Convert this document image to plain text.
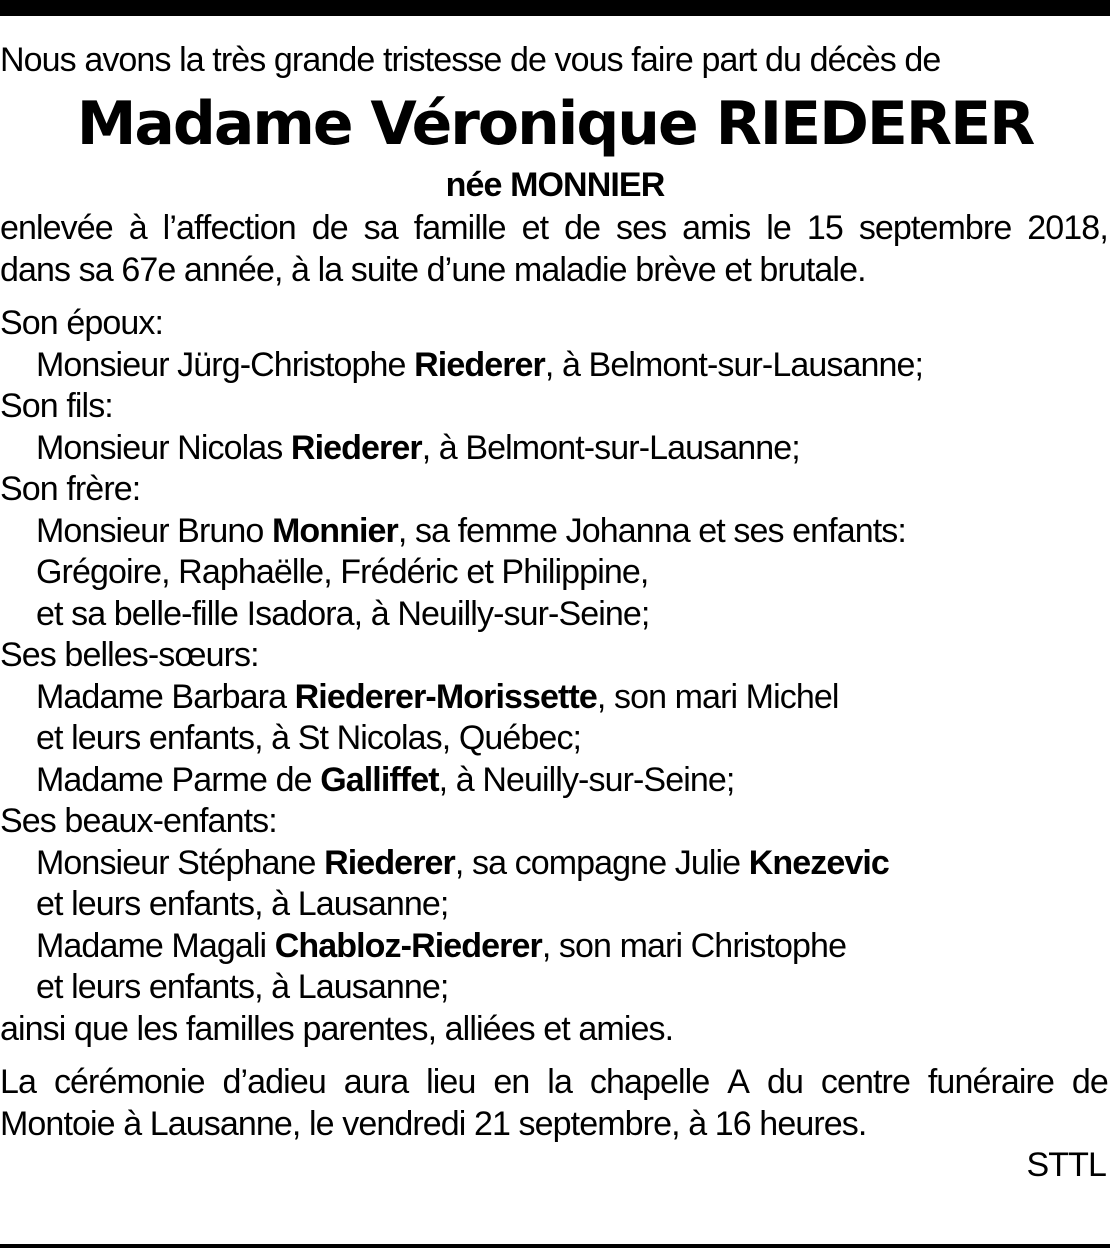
Nous avons la très grande tristesse de vous faire part du décès de

Madame Véronique RIEDERER

née MONNIER

enlevée à l’affection de sa famille et de ses amis le 15 septembre 2018,
dans sa 67e année, à la suite d’une maladie brève et brutale.
Son époux:
Monsieur Jürg-Christophe Riederer, à Belmont-sur-Lausanne;
Son fils:
Monsieur Nicolas Riederer, à Belmont-sur-Lausanne;
Son frère:
Monsieur Bruno Monnier, sa femme Johanna et ses enfants:
Grégoire, Raphaëlle, Frédéric et Philippine,
et sa belle-fille Isadora, à Neuilly-sur-Seine;
Ses belles-sœurs:
Madame Barbara Riederer-Morissette, son mari Michel
et leurs enfants, à St Nicolas, Québec;
Madame Parme de Galliffet, à Neuilly-sur-Seine;
Ses beaux-enfants:
Monsieur Stéphane Riederer, sa compagne Julie Knezevic
et leurs enfants, à Lausanne;
Madame Magali Chabloz-Riederer, son mari Christophe
et leurs enfants, à Lausanne;
ainsi que les familles parentes, alliées et amies.
La cérémonie d’adieu aura lieu en la chapelle A du centre funéraire de
Montoie à Lausanne, le vendredi 21 septembre, à 16 heures.

STTL
